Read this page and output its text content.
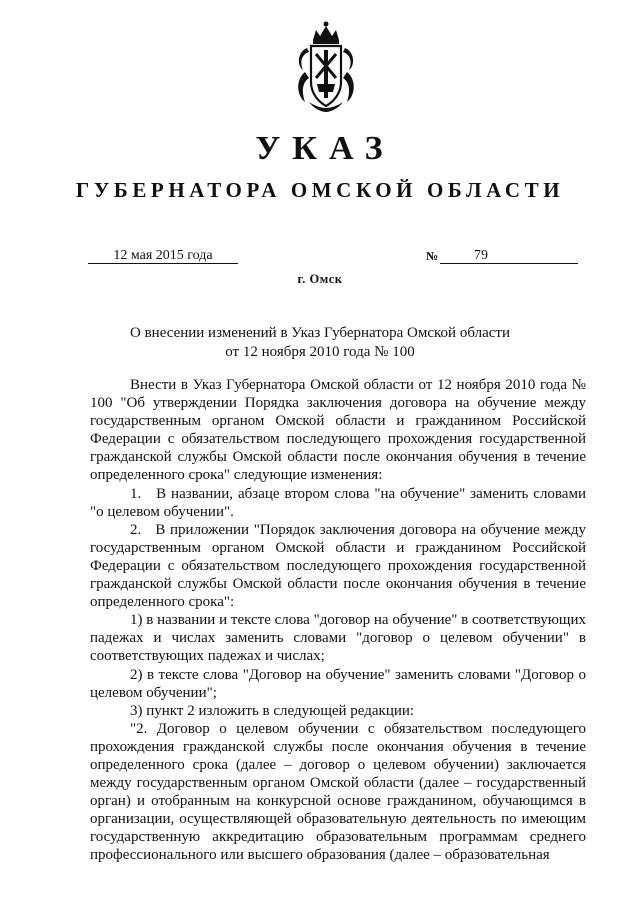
УКАЗ
ГУБЕРНАТОРА ОМСКОЙ ОБЛАСТИ
12 мая 2015 года	№	79
г. Омск
О внесении изменений в Указ Губернатора Омской области
от 12 ноября 2010 года № 100

Внести в Указ Губернатора Омской области от 12 ноября 2010 года № 100 "Об утверждении Порядка заключения договора на обучение между государственным органом Омской области и гражданином Российской Федерации с обязательством последующего прохождения государственной гражданской службы Омской области после окончания обучения в течение определенного срока" следующие изменения:

1.   В названии, абзаце втором слова "на обучение" заменить словами "о целевом обучении".

2.   В приложении "Порядок заключения договора на обучение между государственным органом Омской области и гражданином Российской Федерации с обязательством последующего прохождения государственной гражданской службы Омской области после окончания обучения в течение определенного срока":

1) в названии и тексте слова "договор на обучение" в соответствующих падежах и числах заменить словами "договор о целевом обучении" в соответствующих падежах и числах;

2) в тексте слова "Договор на обучение" заменить словами "Договор о целевом обучении";

3) пункт 2 изложить в следующей редакции:

"2. Договор о целевом обучении с обязательством последующего прохождения гражданской службы после окончания обучения в течение определенного срока (далее – договор о целевом обучении) заключается между государственным органом Омской области (далее – государственный орган) и отобранным на конкурсной основе гражданином, обучающимся в организации, осуществляющей образовательную деятельность по имеющим государственную аккредитацию образовательным программам среднего профессионального или высшего образования (далее – образовательная
